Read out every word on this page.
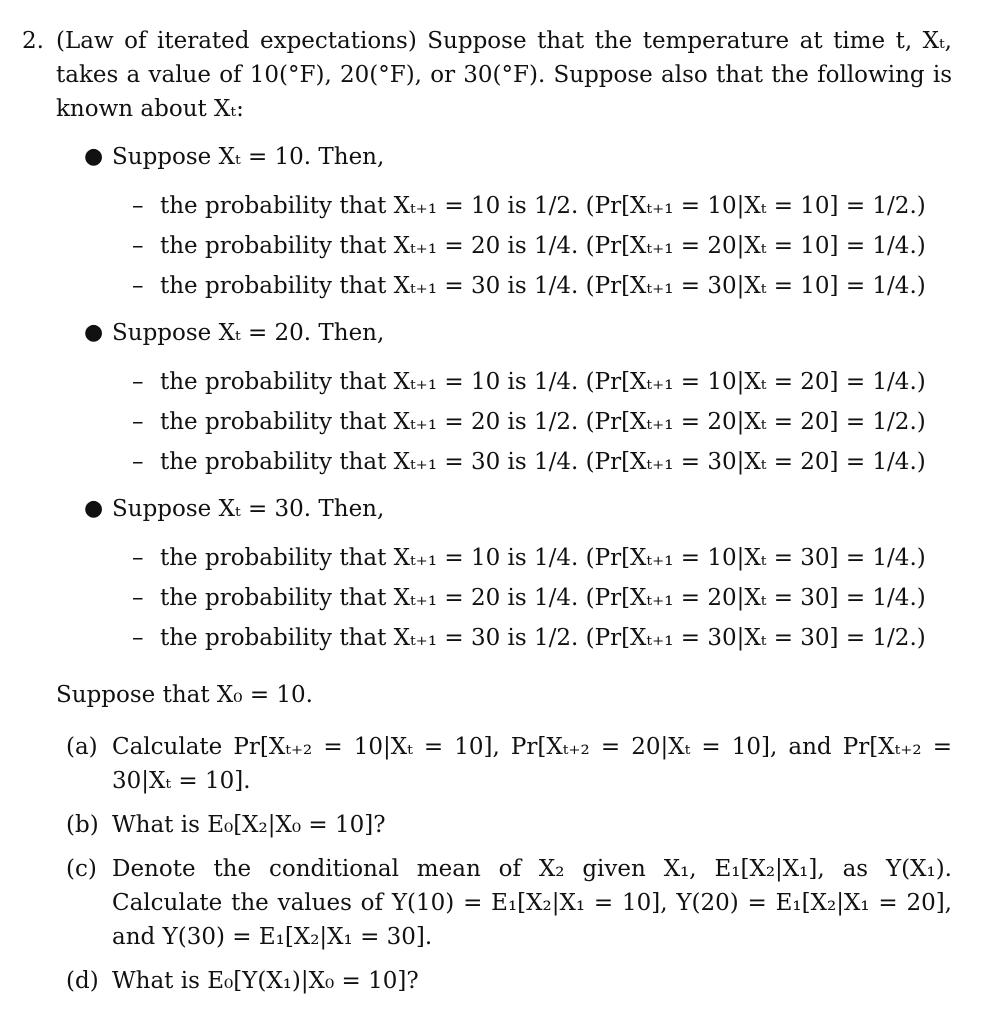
2. (Law of iterated expectations) Suppose that the temperature at time t, Xₜ, takes a value of 10(°F), 20(°F), or 30(°F). Suppose also that the following is known about Xₜ:

● Suppose Xₜ = 10. Then,
– the probability that Xₜ₊₁ = 10 is 1/2. (Pr[Xₜ₊₁ = 10|Xₜ = 10] = 1/2.)
– the probability that Xₜ₊₁ = 20 is 1/4. (Pr[Xₜ₊₁ = 20|Xₜ = 10] = 1/4.)
– the probability that Xₜ₊₁ = 30 is 1/4. (Pr[Xₜ₊₁ = 30|Xₜ = 10] = 1/4.)
● Suppose Xₜ = 20. Then,
– the probability that Xₜ₊₁ = 10 is 1/4. (Pr[Xₜ₊₁ = 10|Xₜ = 20] = 1/4.)
– the probability that Xₜ₊₁ = 20 is 1/2. (Pr[Xₜ₊₁ = 20|Xₜ = 20] = 1/2.)
– the probability that Xₜ₊₁ = 30 is 1/4. (Pr[Xₜ₊₁ = 30|Xₜ = 20] = 1/4.)
● Suppose Xₜ = 30. Then,
– the probability that Xₜ₊₁ = 10 is 1/4. (Pr[Xₜ₊₁ = 10|Xₜ = 30] = 1/4.)
– the probability that Xₜ₊₁ = 20 is 1/4. (Pr[Xₜ₊₁ = 20|Xₜ = 30] = 1/4.)
– the probability that Xₜ₊₁ = 30 is 1/2. (Pr[Xₜ₊₁ = 30|Xₜ = 30] = 1/2.)
Suppose that X₀ = 10.
(a) Calculate Pr[Xₜ₊₂ = 10|Xₜ = 10], Pr[Xₜ₊₂ = 20|Xₜ = 10], and Pr[Xₜ₊₂ = 30|Xₜ = 10].
(b) What is E₀[X₂|X₀ = 10]?
(c) Denote the conditional mean of X₂ given X₁, E₁[X₂|X₁], as Y(X₁). Calculate the values of Y(10) = E₁[X₂|X₁ = 10], Y(20) = E₁[X₂|X₁ = 20], and Y(30) = E₁[X₂|X₁ = 30].
(d) What is E₀[Y(X₁)|X₀ = 10]?
